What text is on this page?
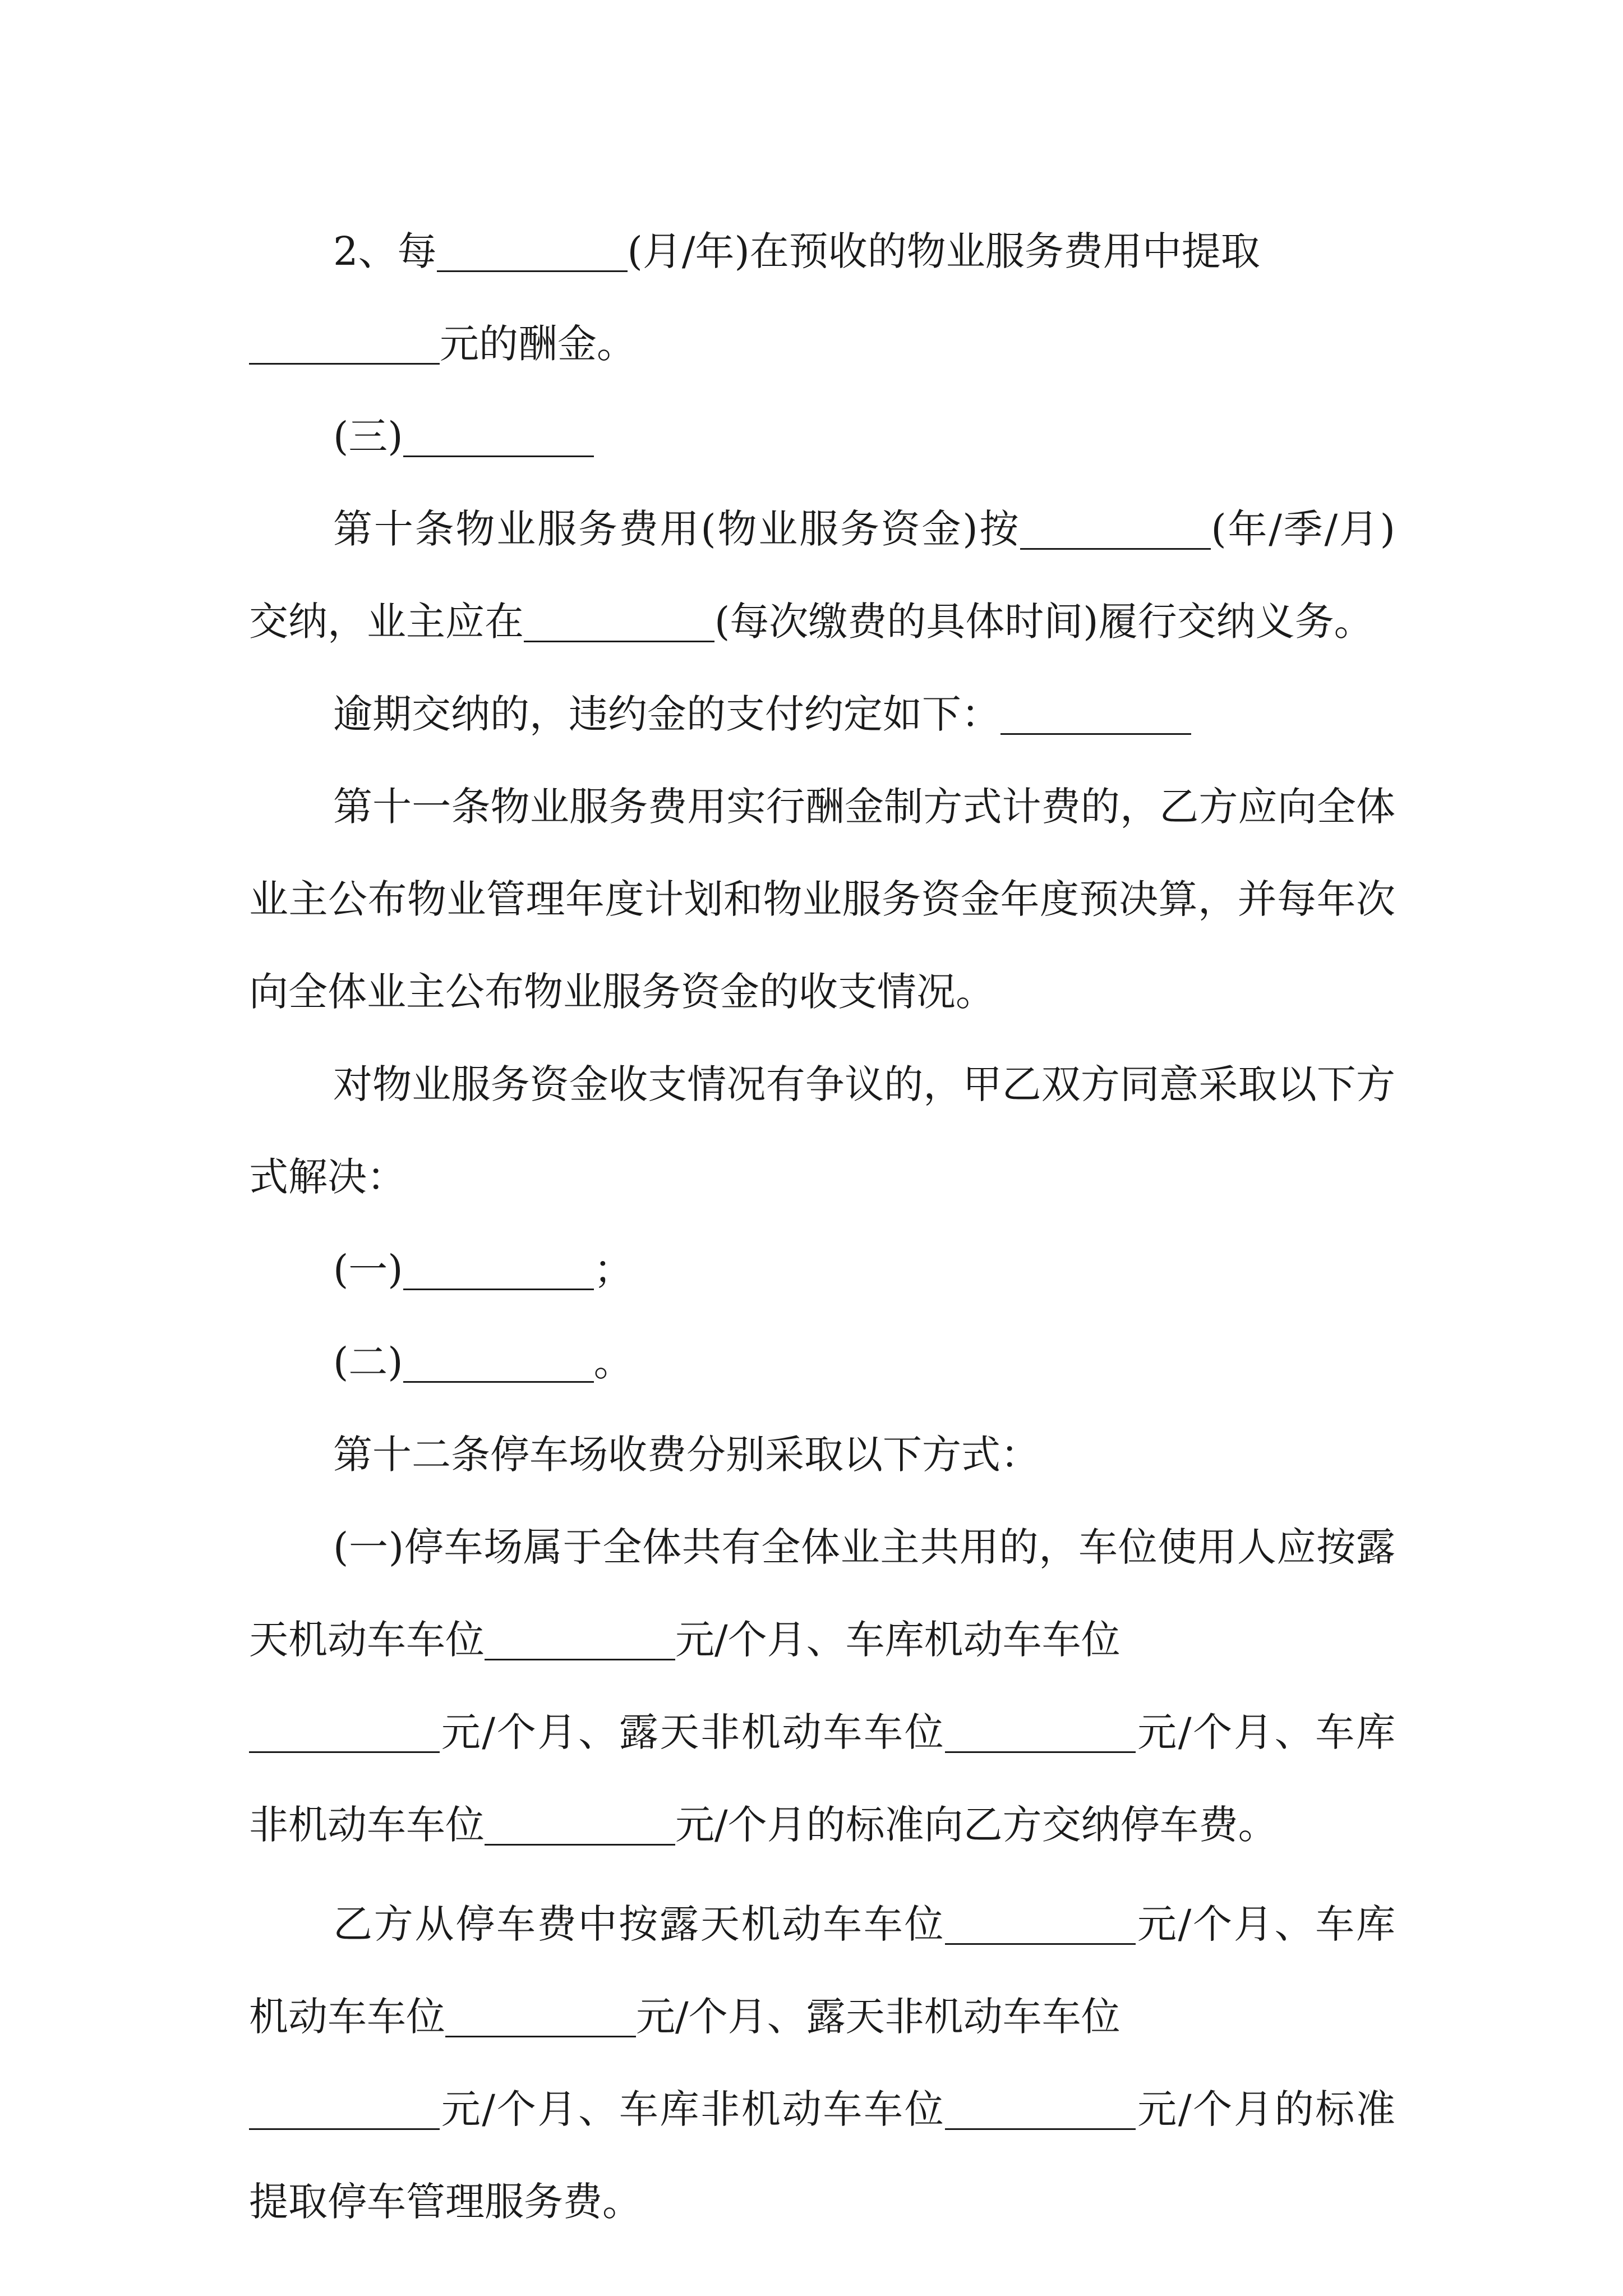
2、每	(月/年)在预收的物业服务费用中提取
元的酬金。

(三)

第十条物业服务费用(物业服务资金)按	(年/季/月)交纳，业主应在	(每次缴费的具体时间)履行交纳义务。

逾期交纳的，违约金的支付约定如下：

第十一条物业服务费用实行酬金制方式计费的，乙方应向全体业主公布物业管理年度计划和物业服务资金年度预决算，并每年次向全体业主公布物业服务资金的收支情况。

对物业服务资金收支情况有争议的，甲乙双方同意采取以下方式解决：

(一)	；

(二)	。

第十二条停车场收费分别采取以下方式：

(一)停车场属于全体共有全体业主共用的，车位使用人应按露天机动车车位	元/个月、车库机动车车位
元/个月、露天非机动车车位	元/个月、车库非机动车车位	元/个月的标准向乙方交纳停车费。

乙方从停车费中按露天机动车车位	元/个月、车库机动车车位	元/个月、露天非机动车车位
元/个月、车库非机动车车位	元/个月的标准提取停车管理服务费。
